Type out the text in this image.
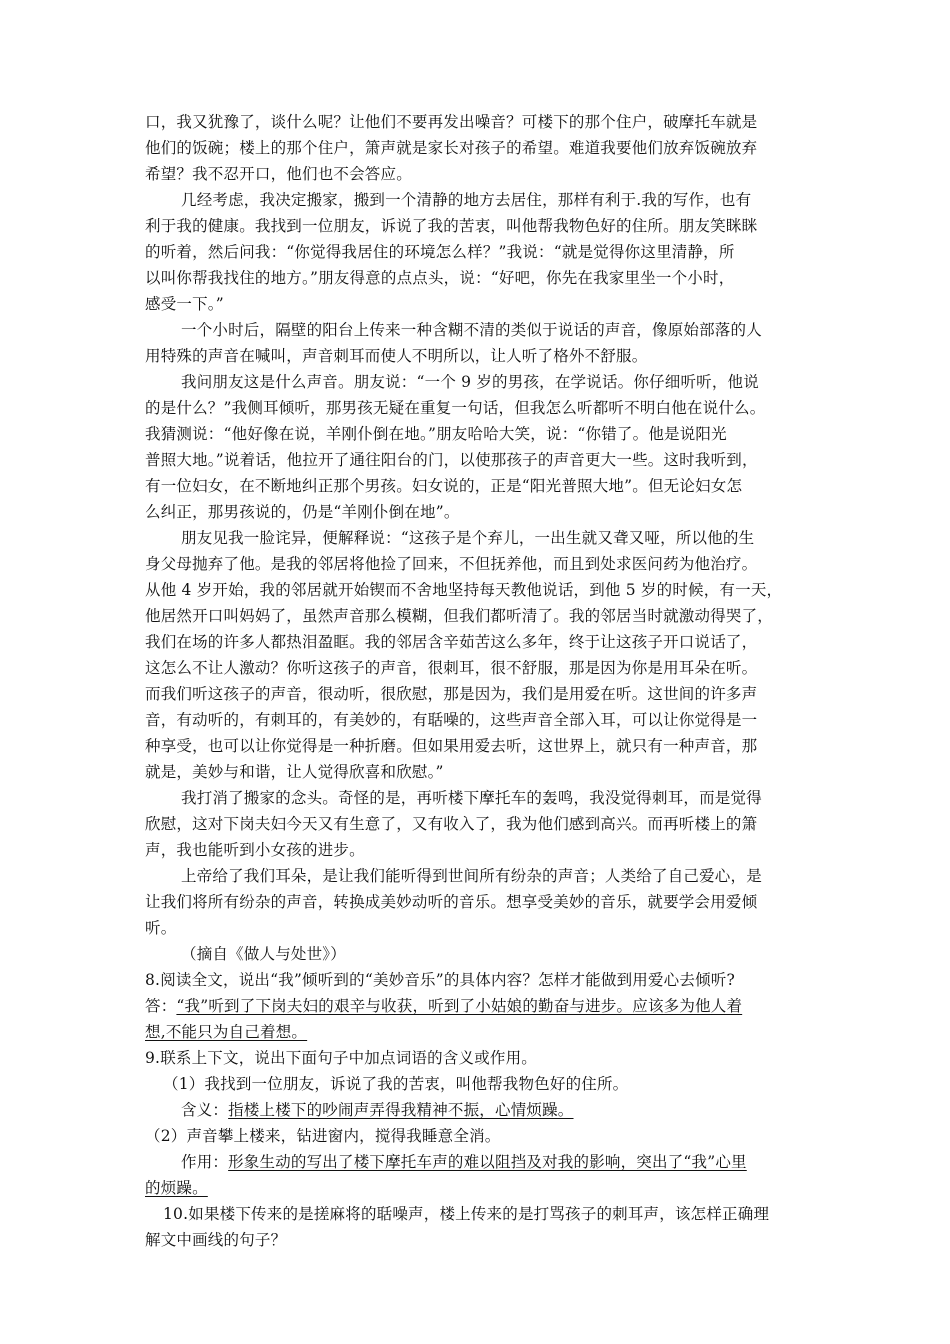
口，我又犹豫了，谈什么呢？让他们不要再发出噪音？可楼下的那个住户，破摩托车就是
他们的饭碗；楼上的那个住户，箫声就是家长对孩子的希望。难道我要他们放弃饭碗放弃
希望？我不忍开口，他们也不会答应。
几经考虑，我决定搬家，搬到一个清静的地方去居住，那样有利于.我的写作，也有
利于我的健康。我找到一位朋友，诉说了我的苦衷，叫他帮我物色好的住所。朋友笑眯眯
的听着，然后问我：“你觉得我居住的环境怎么样？”我说：“就是觉得你这里清静，所
以叫你帮我找住的地方。”朋友得意的点点头，说：“好吧，你先在我家里坐一个小时，
感受一下。”
一个小时后，隔壁的阳台上传来一种含糊不清的类似于说话的声音，像原始部落的人
用特殊的声音在喊叫，声音刺耳而使人不明所以，让人听了格外不舒服。
我问朋友这是什么声音。朋友说：“一个 9 岁的男孩，在学说话。你仔细听听，他说
的是什么？”我侧耳倾听，那男孩无疑在重复一句话，但我怎么听都听不明白他在说什么。
我猜测说：“他好像在说，羊刚仆倒在地。”朋友哈哈大笑，说：“你错了。他是说阳光
普照大地。”说着话，他拉开了通往阳台的门，以使那孩子的声音更大一些。这时我听到，
有一位妇女，在不断地纠正那个男孩。妇女说的，正是“阳光普照大地”。但无论妇女怎
么纠正，那男孩说的，仍是“羊刚仆倒在地”。
朋友见我一脸诧异，便解释说：“这孩子是个弃儿，一出生就又聋又哑，所以他的生
身父母抛弃了他。是我的邻居将他捡了回来，不但抚养他，而且到处求医问药为他治疗。
从他 4 岁开始，我的邻居就开始锲而不舍地坚持每天教他说话，到他 5 岁的时候，有一天，
他居然开口叫妈妈了，虽然声音那么模糊，但我们都听清了。我的邻居当时就激动得哭了，
我们在场的许多人都热泪盈眶。我的邻居含辛茹苦这么多年，终于让这孩子开口说话了，
这怎么不让人激动？你听这孩子的声音，很刺耳，很不舒服，那是因为你是用耳朵在听。
而我们听这孩子的声音，很动听，很欣慰，那是因为，我们是用爱在听。这世间的许多声
音，有动听的，有刺耳的，有美妙的，有聒噪的，这些声音全部入耳，可以让你觉得是一
种享受，也可以让你觉得是一种折磨。但如果用爱去听，这世界上，就只有一种声音，那
就是，美妙与和谐，让人觉得欣喜和欣慰。”
我打消了搬家的念头。奇怪的是，再听楼下摩托车的轰鸣，我没觉得刺耳，而是觉得
欣慰，这对下岗夫妇今天又有生意了，又有收入了，我为他们感到高兴。而再听楼上的箫
声，我也能听到小女孩的进步。
上帝给了我们耳朵，是让我们能听得到世间所有纷杂的声音；人类给了自己爱心，是
让我们将所有纷杂的声音，转换成美妙动听的音乐。想享受美妙的音乐，就要学会用爱倾
听。
（摘自《做人与处世》）
8.阅读全文，说出“我”倾听到的“美妙音乐”的具体内容？怎样才能做到用爱心去倾听?
答：“我”听到了下岗夫妇的艰辛与收获，听到了小姑娘的勤奋与进步。应该多为他人着
想,不能只为自己着想。
9.联系上下文，说出下面句子中加点词语的含义或作用。
（1）我找到一位朋友，诉说了我的苦衷，叫他帮我物色好的住所。
含义：指楼上楼下的吵闹声弄得我精神不振，心情烦躁。
（2）声音攀上楼来，钻进窗内，搅得我睡意全消。
作用：形象生动的写出了楼下摩托车声的难以阻挡及对我的影响，突出了“我”心里
的烦躁。
10.如果楼下传来的是搓麻将的聒噪声，楼上传来的是打骂孩子的刺耳声，该怎样正确理
解文中画线的句子？
